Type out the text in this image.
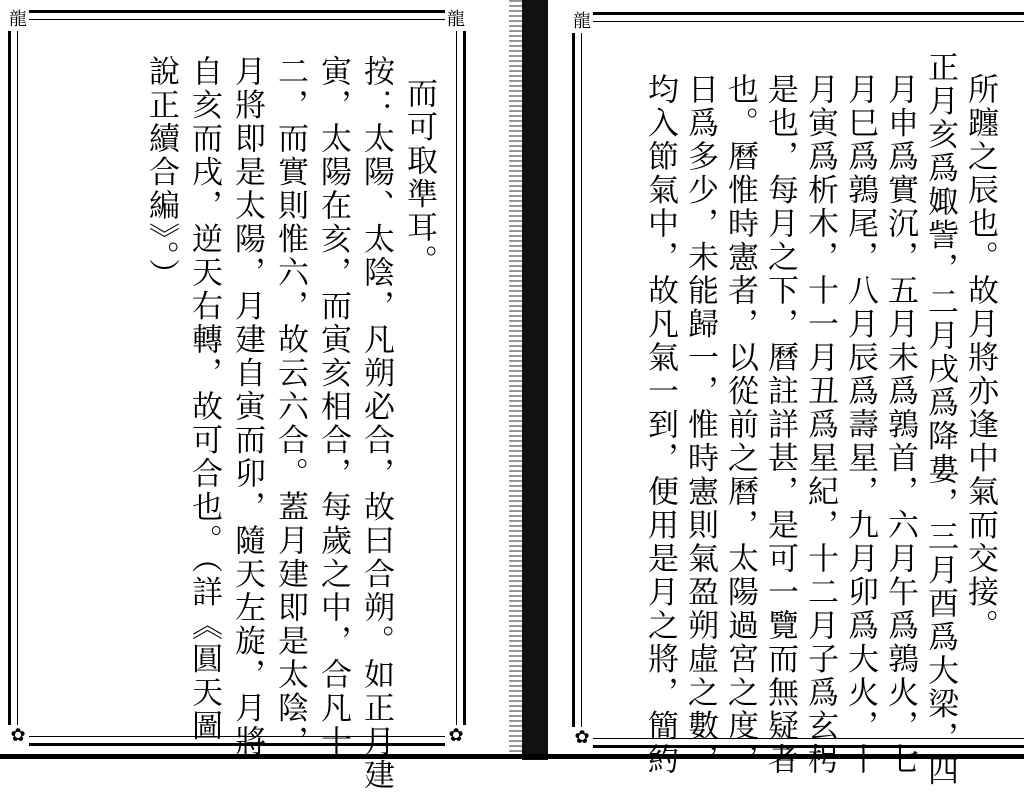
龍	龍
✿	✿
而可取準耳。
按：太陽、太陰，凡朔必合，故曰合朔。如正月建
寅，太陽在亥，而寅亥相合，每歲之中，合凡十
二，而實則惟六，故云六合。蓋月建即是太陰，
月將即是太陽，月建自寅而卯，隨天左旋，月將
自亥而戌，逆天右轉，故可合也。（詳《圓天圖
說正續合編》。）
龍
✿
所躔之辰也。故月將亦逢中氣而交接。
正月亥爲娵訾，二月戌爲降婁，三月酉爲大梁，四
月申爲實沉，五月未爲鶉首，六月午爲鶉火，七
月巳爲鶉尾，八月辰爲壽星，九月卯爲大火，十
月寅爲析木，十一月丑爲星紀，十二月子爲玄枵
是也，每月之下，曆註詳甚，是可一覽而無疑者
也。曆惟時憲者，以從前之曆，太陽過宮之度，
日爲多少，未能歸一，惟時憲則氣盈朔虛之數，
均入節氣中，故凡氣一到，便用是月之將，簡約
